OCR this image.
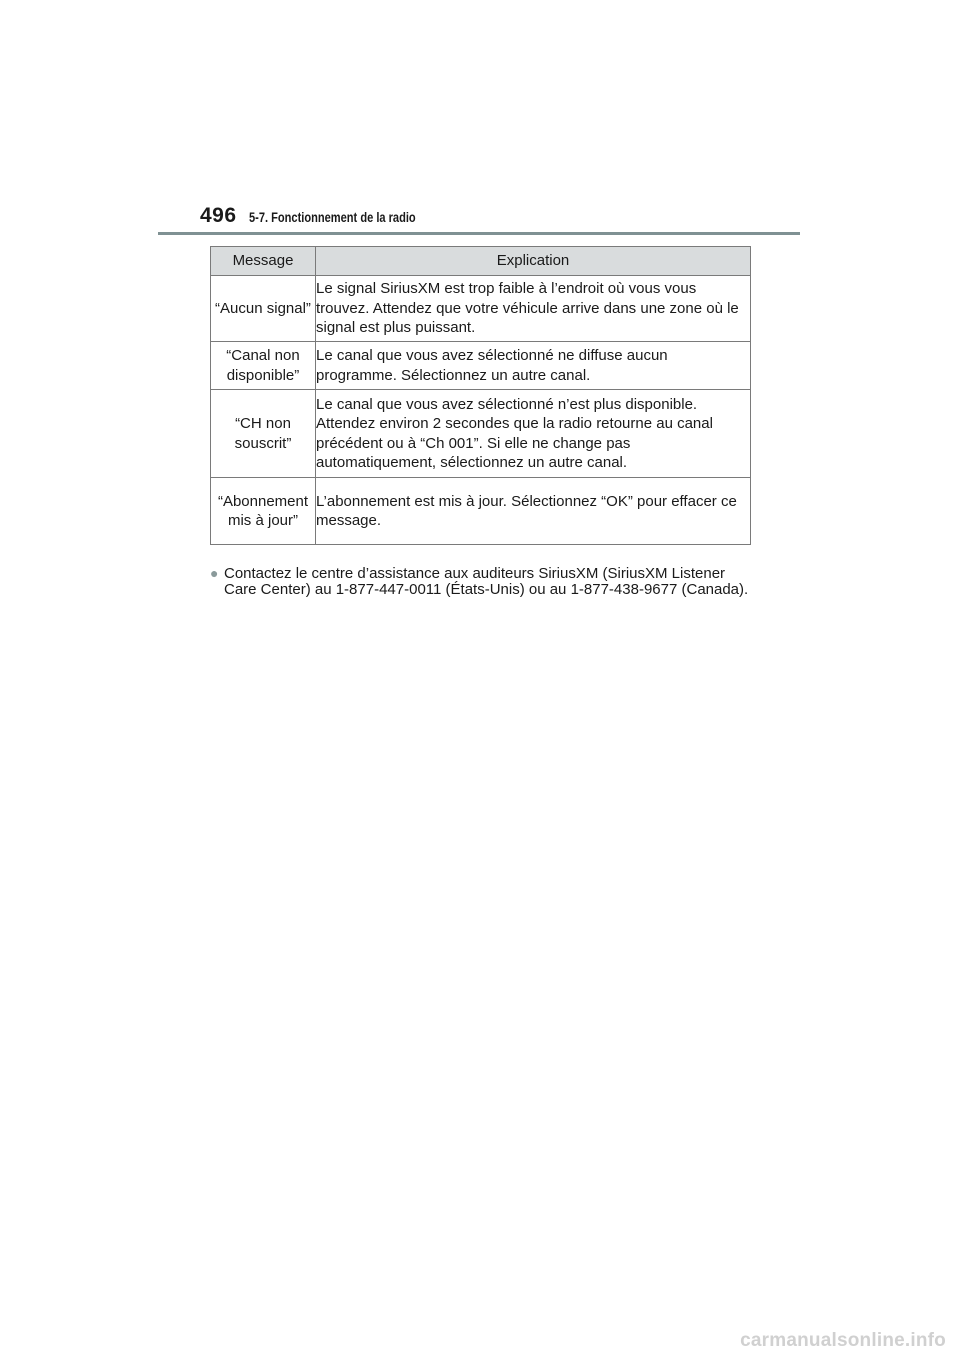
496 5-7. Fonctionnement de la radio
Message	Explication
“Aucun signal”	Le signal SiriusXM est trop faible à l’endroit où vous vous trouvez. Attendez que votre véhicule arrive dans une zone où le signal est plus puissant.
“Canal non disponible”	Le canal que vous avez sélectionné ne diffuse aucun programme. Sélectionnez un autre canal.
“CH non souscrit”	Le canal que vous avez sélectionné n’est plus disponible. Attendez environ 2 secondes que la radio retourne au canal précédent ou à “Ch 001”. Si elle ne change pas automatiquement, sélectionnez un autre canal.
“Abonnement mis à jour”	L’abonnement est mis à jour. Sélectionnez “OK” pour effacer ce message.
● Contactez le centre d’assistance aux auditeurs SiriusXM (SiriusXM Listener Care Center) au 1-877-447-0011 (États-Unis) ou au 1-877-438-9677 (Canada).
carmanualsonline.info
